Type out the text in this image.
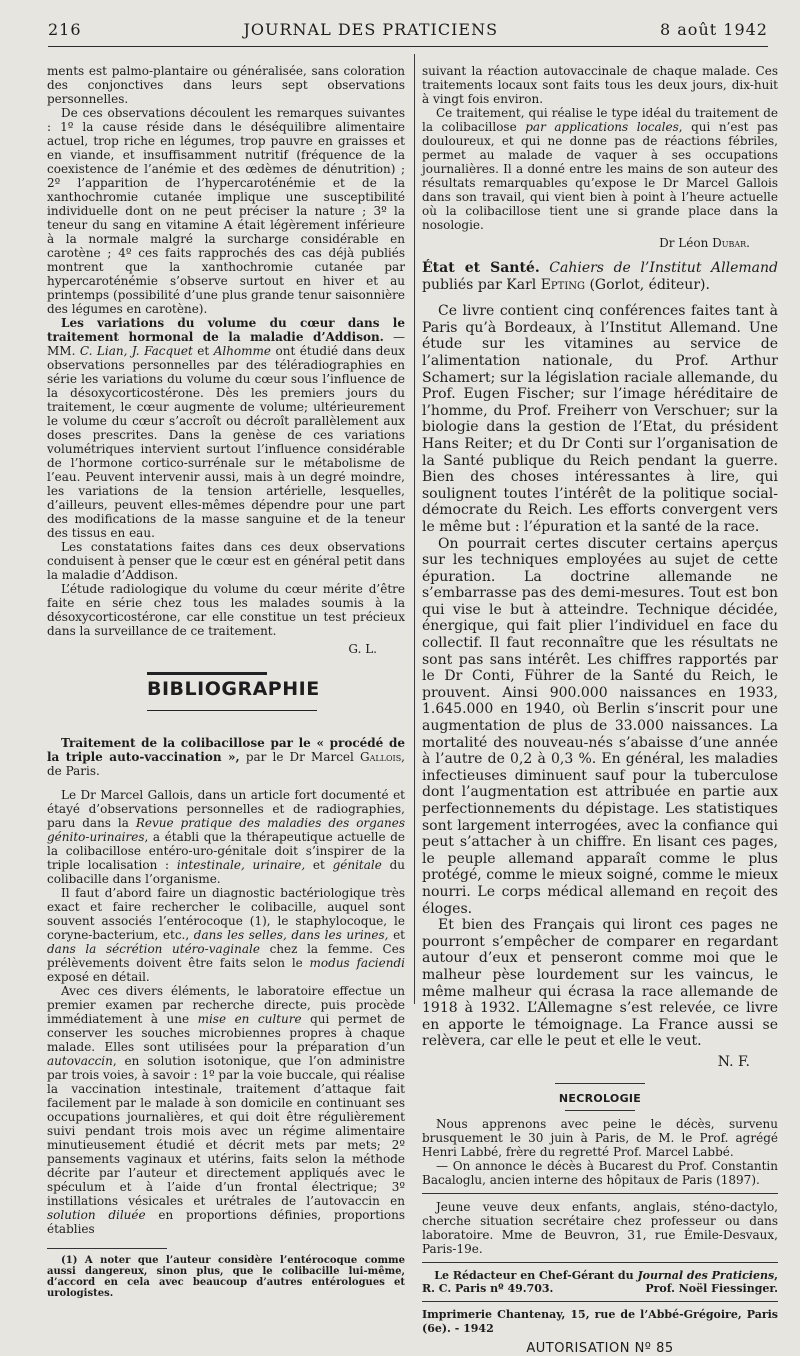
216	JOURNAL DES PRATICIENS	8 août 1942

ments est palmo-plantaire ou généralisée, sans coloration des conjonctives dans leurs sept observations personnelles.

De ces observations découlent les remarques suivantes : 1º la cause réside dans le déséquilibre alimentaire actuel, trop riche en légumes, trop pauvre en graisses et en viande, et insuffisamment nutritif (fréquence de la coexistence de l’anémie et des œdèmes de dénutrition) ; 2º l’apparition de l’hypercaroténémie et de la xanthochromie cutanée implique une susceptibilité individuelle dont on ne peut préciser la nature ; 3º la teneur du sang en vitamine A était légèrement inférieure à la normale malgré la surcharge considérable en carotène ; 4º ces faits rapprochés des cas déjà publiés montrent que la xanthochromie cutanée par hypercaroténémie s’observe surtout en hiver et au printemps (possibilité d’une plus grande tenur saisonnière des légumes en carotène).

Les variations du volume du cœur dans le traitement hormonal de la maladie d’Addison. — MM. C. Lian, J. Facquet et Alhomme ont étudié dans deux observations personnelles par des téléradiographies en série les variations du volume du cœur sous l’influence de la désoxycorticostérone. Dès les premiers jours du traitement, le cœur augmente de volume; ultérieurement le volume du cœur s’accroît ou décroît parallèlement aux doses prescrites. Dans la genèse de ces variations volumétriques intervient surtout l’influence considérable de l’hormone cortico-surrénale sur le métabolisme de l’eau. Peuvent intervenir aussi, mais à un degré moindre, les variations de la tension artérielle, lesquelles, d’ailleurs, peuvent elles-mêmes dépendre pour une part des modifications de la masse sanguine et de la teneur des tissus en eau.

Les constatations faites dans ces deux observations conduisent à penser que le cœur est en général petit dans la maladie d’Addison.

L’étude radiologique du volume du cœur mérite d’être faite en série chez tous les malades soumis à la désoxycorticostérone, car elle constitue un test précieux dans la surveillance de ce traitement.

G. L.

BIBLIOGRAPHIE

Traitement de la colibacillose par le « procédé de la triple auto-vaccination », par le Dr Marcel Gallois, de Paris.

Le Dr Marcel Gallois, dans un article fort documenté et étayé d’observations personnelles et de radiographies, paru dans la Revue pratique des maladies des organes génito-urinaires, a établi que la thérapeutique actuelle de la colibacillose entéro-uro-génitale doit s’inspirer de la triple localisation : intestinale, urinaire, et génitale du colibacille dans l’organisme.

Il faut d’abord faire un diagnostic bactériologique très exact et faire rechercher le colibacille, auquel sont souvent associés l’entérocoque (1), le staphylocoque, le coryne-bacterium, etc., dans les selles, dans les urines, et dans la sécrétion utéro-vaginale chez la femme. Ces prélèvements doivent être faits selon le modus faciendi exposé en détail.

Avec ces divers éléments, le laboratoire effectue un premier examen par recherche directe, puis procède immédiatement à une mise en culture qui permet de conserver les souches microbiennes propres à chaque malade. Elles sont utilisées pour la préparation d’un autovaccin, en solution isotonique, que l’on administre par trois voies, à savoir : 1º par la voie buccale, qui réalise la vaccination intestinale, traitement d’attaque fait facilement par le malade à son domicile en continuant ses occupations journalières, et qui doit être régulièrement suivi pendant trois mois avec un régime alimentaire minutieusement étudié et décrit mets par mets; 2º pansements vaginaux et utérins, faits selon la méthode décrite par l’auteur et directement appliqués avec le spéculum et à l’aide d’un frontal électrique; 3º instillations vésicales et urétrales de l’autovaccin en solution diluée en proportions définies, proportions établies

(1) A noter que l’auteur considère l’entérocoque comme aussi dangereux, sinon plus, que le colibacille lui-même, d’accord en cela avec beaucoup d’autres entérologues et urologistes.

suivant la réaction autovaccinale de chaque malade. Ces traitements locaux sont faits tous les deux jours, dix-huit à vingt fois environ.

Ce traitement, qui réalise le type idéal du traitement de la colibacillose par applications locales, qui n’est pas douloureux, et qui ne donne pas de réactions fébriles, permet au malade de vaquer à ses occupations journalières. Il a donné entre les mains de son auteur des résultats remarquables qu’expose le Dr Marcel Gallois dans son travail, qui vient bien à point à l’heure actuelle où la colibacillose tient une si grande place dans la nosologie.

Dr Léon Dubar.

État et Santé. Cahiers de l’Institut Allemand publiés par Karl Epting (Gorlot, éditeur).

Ce livre contient cinq conférences faites tant à Paris qu’à Bordeaux, à l’Institut Allemand. Une étude sur les vitamines au service de l’alimentation nationale, du Prof. Arthur Schamert; sur la législation raciale allemande, du Prof. Eugen Fischer; sur l’image héréditaire de l’homme, du Prof. Freiherr von Verschuer; sur la biologie dans la gestion de l’Etat, du président Hans Reiter; et du Dr Conti sur l’organisation de la Santé publique du Reich pendant la guerre. Bien des choses intéressantes à lire, qui soulignent toutes l’intérêt de la politique social-démocrate du Reich. Les efforts convergent vers le même but : l’épuration et la santé de la race.

On pourrait certes discuter certains aperçus sur les techniques employées au sujet de cette épuration. La doctrine allemande ne s’embarrasse pas des demi-mesures. Tout est bon qui vise le but à atteindre. Technique décidée, énergique, qui fait plier l’individuel en face du collectif. Il faut reconnaître que les résultats ne sont pas sans intérêt. Les chiffres rapportés par le Dr Conti, Führer de la Santé du Reich, le prouvent. Ainsi 900.000 naissances en 1933, 1.645.000 en 1940, où Berlin s’inscrit pour une augmentation de plus de 33.000 naissances. La mortalité des nouveau-nés s’abaisse d’une année à l’autre de 0,2 à 0,3 %. En général, les maladies infectieuses diminuent sauf pour la tuberculose dont l’augmentation est attribuée en partie aux perfectionnements du dépistage. Les statistiques sont largement interrogées, avec la confiance qui peut s’attacher à un chiffre. En lisant ces pages, le peuple allemand apparaît comme le plus protégé, comme le mieux soigné, comme le mieux nourri. Le corps médical allemand en reçoit des éloges.

Et bien des Français qui liront ces pages ne pourront s’empêcher de comparer en regardant autour d’eux et penseront comme moi que le malheur pèse lourdement sur les vaincus, le même malheur qui écrasa la race allemande de 1918 à 1932. L’Allemagne s’est relevée, ce livre en apporte le témoignage. La France aussi se relèvera, car elle le peut et elle le veut.

N. F.

NECROLOGIE

Nous apprenons avec peine le décès, survenu brusquement le 30 juin à Paris, de M. le Prof. agrégé Henri Labbé, frère du regretté Prof. Marcel Labbé.

— On annonce le décès à Bucarest du Prof. Constantin Bacaloglu, ancien interne des hôpitaux de Paris (1897).

Jeune veuve deux enfants, anglais, sténo-dactylo, cherche situation secrétaire chez professeur ou dans laboratoire. Mme de Beuvron, 31, rue Émile-Desvaux, Paris-19e.

Le Rédacteur en Chef-Gérant du Journal des Praticiens,
R. C. Paris nº 49.703.	Prof. Noël Fiessinger.
Imprimerie Chantenay, 15, rue de l’Abbé-Grégoire, Paris (6e). - 1942
AUTORISATION Nº 85
